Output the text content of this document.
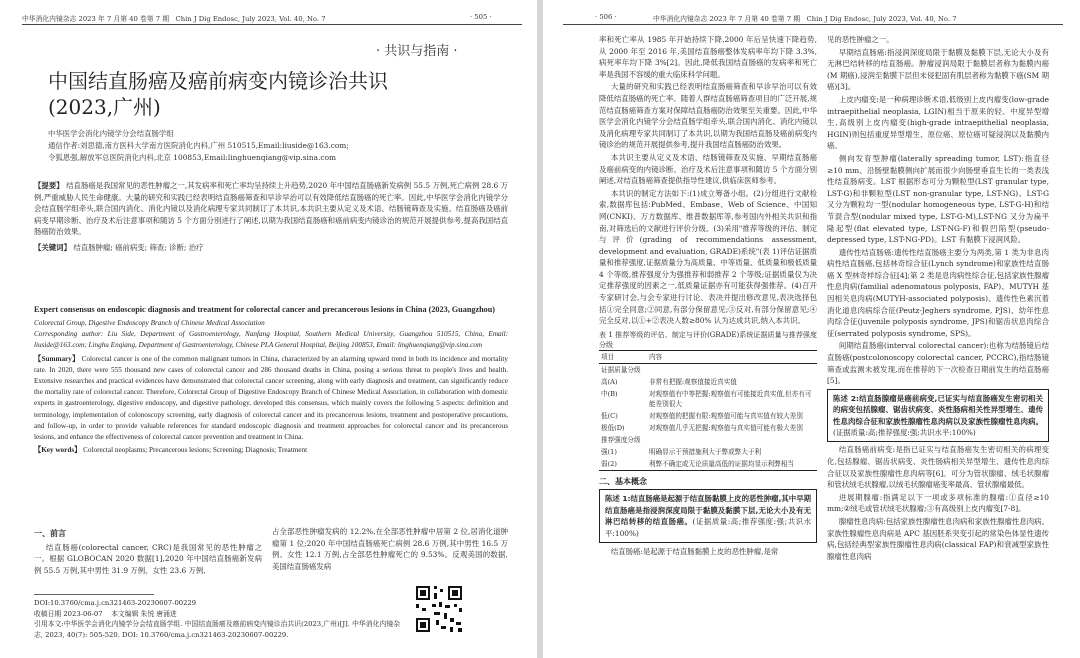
中华消化内镜杂志 2023 年 7 月第 40 卷第 7 期 Chin J Dig Endosc, July 2023, Vol. 40, No. 7	· 505 ·
· 共识与指南 ·
中国结直肠癌及癌前病变内镜诊治共识
(2023,广州)
中华医学会消化内镜学分会结直肠学组
通信作者:刘思德,南方医科大学南方医院消化内科,广州 510515,Email:liuside@163.com;
令狐恩强,解放军总医院消化内科,北京 100853,Email:linghuenqiang@vip.sina.com
【提要】 结直肠癌是我国常见的恶性肿瘤之一,其发病率和死亡率均呈持续上升趋势,2020 年中国结直肠癌新发病例 55.5 万例,死亡病例 28.6 万例,严重威胁人民生命健康。大量的研究和实践已经表明结直肠癌筛查和早诊早治可以有效降低结直肠癌的死亡率。因此,中华医学会消化内镜学分会结直肠学组牵头,联合国内消化、消化内镜以及消化病理专家共同制订了本共识,本共识主要从定义及术语、结肠镜筛查及实施、结直肠癌及癌前病变早期诊断、治疗及术后注意事项和随访 5 个方面分别进行了阐述,以期为我国结直肠癌和癌前病变内镜诊治的规范开展提供参考,提高我国结直肠癌防治效果。
【关键词】 结直肠肿瘤; 癌前病变; 筛查; 诊断; 治疗
Expert consensus on endoscopic diagnosis and treatment for colorectal cancer and precancerous lesions in China (2023, Guangzhou)
Colorectal Group, Digestive Endoscopy Branch of Chinese Medical Association
Corresponding author: Liu Side, Department of Gastroenterology, Nanfang Hospital, Southern Medical University, Guangzhou 510515, China, Email: liuside@163.com; Linghu Enqiang, Department of Gastroenterology, Chinese PLA General Hospital, Beijing 100853, Email: linghuenqiang@vip.sina.com
【Summary】 Colorectal cancer is one of the common malignant tumors in China, characterized by an alarming upward trend in both its incidence and mortality rate. In 2020, there were 555 thousand new cases of colorectal cancer and 286 thousand deaths in China, posing a serious threat to people's lives and health. Extensive researches and practical evidences have demonstrated that colorectal cancer screening, along with early diagnosis and treatment, can significantly reduce the mortality rate of colorectal cancer. Therefore, Colorectal Group of Digestive Endoscopy Branch of Chinese Medical Association, in collaboration with domestic experts in gastroenterology, digestive endoscopy, and digestive pathology, developed this consensus, which mainly covers the following 5 aspects: definition and terminology, implementation of colonoscopy screening, early diagnosis of colorectal cancer and its precancerous lesions, treatment and postoperative precautions, and follow-up, in order to provide valuable references for standard endoscopic diagnosis and treatment approaches for colorectal cancer and its precancerous lesions, and enhance the effectiveness of colorectal cancer prevention and treatment in China.
【Key words】 Colorectal neoplasms; Precancerous lesions; Screening; Diagnosis; Treatment
一、前言

结直肠癌(colorectal cancer, CRC)是我国常见的恶性肿瘤之一。根据 GLOBOCAN 2020 数据[1],2020 年中国结直肠癌新发病例 55.5 万例,其中男性 31.9 万例、女性 23.6 万例,

占全部恶性肿瘤发病的 12.2%,在全部恶性肿瘤中居第 2 位,居消化道肿瘤第 1 位;2020 年中国结直肠癌死亡病例 28.6 万例,其中男性 16.5 万例、女性 12.1 万例,占全部恶性肿瘤死亡的 9.53%。反观美国的数据,美国结直肠癌发病

DOI:10.3760/cma.j.cn321463-20230607-00229
收稿日期 2023-06-07 本文编辑 朱悦 唐涌进
引用本文:中华医学会消化内镜学分会结直肠学组. 中国结直肠癌及癌前病变内镜诊治共识(2023,广州)[J]. 中华消化内镜杂志, 2023, 40(7): 505-520. DOI: 10.3760/cma.j.cn321463-20230607-00229.
· 506 ·	中华消化内镜杂志 2023 年 7 月第 40 卷第 7 期 Chin J Dig Endosc, July 2023, Vol. 40, No. 7

率和死亡率从 1985 年开始持续下降,2000 年后呈快速下降趋势,从 2000 年至 2016 年,美国结直肠癌整体发病率年均下降 3.3%,病死率年均下降 3%[2]。因此,降低我国结直肠癌的发病率和死亡率是我国不容缓的重大临床科学问题。

大量的研究和实践已经表明结直肠癌筛查和早诊早治可以有效降低结直肠癌的死亡率。随着人群结直肠癌筛查项目的广泛开展,规范结直肠癌筛查方案对保障结直肠癌防治效果至关重要。因此,中华医学会消化内镜学分会结直肠学组牵头,联合国内消化、消化内镜以及消化病理专家共同制订了本共识,以期为我国结直肠及癌前病变内镜诊治的规范开展提供参考,提升我国结直肠癌防治效果。

本共识主要从定义及术语、结肠镜筛查及实施、早期结直肠癌及癌前病变的内镜诊断、治疗及术后注意事项和随访 5 个方面分别阐述,对结直肠癌筛查提供指导性建议,供临床医师参考。

本共识的制定方法如下:(1)成立筹备小组。(2)分组进行文献检索,数据库包括:PubMed、Embase、Web of Science、中国知网(CNKI)、万方数据库、维普数据库等,参考国内外相关共识和指南,对筛选后的文献进行评价分级。(3)采用"推荐等级的评估、制定与评价(grading of recommendations assessment, development and evaluation, GRADE)系统"(表 1)评估证据质量和推荐强度,证据质量分为高质量、中等质量、低质量和极低质量 4 个等级,推荐强度分为强推荐和弱推荐 2 个等级;证据质量仅为决定推荐强度的因素之一,低质量证据亦有可能获得强推荐。(4)召开专家研讨会,与会专家进行讨论、表决并提出修改意见,表决选择包括①完全同意;②同意,有部分保留意见;③反对,有部分保留意见;④完全反对,以①+②表决人数≥80% 认为达成共识,纳入本共识。

表 1 推荐等级的评估、制定与评价(GRADE)系统证据质量与推荐强度分级
项目	内容
证据质量分级	
高(A)	非常有把握:观察值接近真实值
中(B)	对观察值有中等把握:观察值有可能接近真实值,但亦有可能差别很大
低(C)	对观察值的把握有限:观察值可能与真实值有较大差别
极低(D)	对观察值几乎无把握:观察值与真实值可能有极大差别
推荐强度分级	
强(1)	明确显示干预措施利大于弊或弊大于利
弱(2)	利弊不确定或无论质量高低的证据均显示利弊相当
二、基本概念
陈述 1:结直肠癌是起源于结直肠黏膜上皮的恶性肿瘤,其中早期结直肠癌是指浸润深度局限于黏膜及黏膜下层,无论大小及有无淋巴结转移的结直肠癌。(证据质量:高;推荐强度:强;共识水平:100%)

结直肠癌:是起源于结直肠黏膜上皮的恶性肿瘤,是常

见的恶性肿瘤之一。

早期结直肠癌:指浸润深度局限于黏膜及黏膜下层,无论大小及有无淋巴结转移的结直肠癌。肿瘤浸润局限于黏膜层者称为黏膜内癌(M 期癌),浸润至黏膜下层但未侵犯固有肌层者称为黏膜下癌(SM 期癌)[3]。

上皮内瘤变:是一种病理诊断术语,低级别上皮内瘤变(low-grade intraepithelial neoplasia, LGIN)相当于原来的轻、中度异型增生,高级别上皮内瘤变(high-grade intraepithelial neoplasia, HGIN)则包括重度异型增生、原位癌、原位癌可疑浸润以及黏膜内癌。

侧向发育型肿瘤(laterally spreading tumor, LST):指直径≥10 mm、沿肠壁黏膜侧向扩展而很少向肠壁垂直生长的一类表浅性结直肠病变。LST 根据形态可分为颗粒型(LST granular type, LST-G)和非颗粒型(LST non-granular type, LST-NG)。LST-G 又分为颗粒均一型(nodular homogeneous type, LST-G-H)和结节混合型(nodular mixed type, LST-G-M),LST-NG 又分为扁平隆起型(flat elevated type, LST-NG-F)和假凹陷型(pseudo-depressed type, LST-NG-PD)。LST 有黏膜下浸润风险。

遗传性结直肠癌:遗传性结直肠癌主要分为两类,第 1 类为非息肉病性结直肠癌,包括林奇综合征(Lynch syndrome)和家族性结直肠癌 X 型林奇样综合征[4];第 2 类是息肉病性综合征,包括家族性腺瘤性息肉病(familial adenomatous polyposis, FAP)、MUTYH 基因相关息肉病(MUTYH-associated polyposis)、遗传性色素沉着消化道息肉病综合征(Peutz-Jeghers syndrome, PJS)、幼年性息肉综合征(juvenile polyposis syndrome, JPS)和锯齿状息肉综合征(serrated polyposis syndrome, SPS)。

间期结直肠癌(interval colorectal cancer):也称为结肠镜后结直肠癌(postcolonoscopy colorectal cancer, PCCRC),指结肠镜筛查或监测未被发现,而在推荐的下一次检查日期前发生的结直肠癌[5]。

陈述 2:结直肠腺瘤是癌前病变,已证实与结直肠癌发生密切相关的病变包括腺瘤、锯齿状病变、炎性肠病相关性异型增生、遗传性息肉综合征和家族性腺瘤性息肉病以及家族性腺瘤性息肉病。(证据质量:高;推荐强度:强;共识水平:100%)

结直肠癌前病变:是指已证实与结直肠癌发生密切相关的病理变化,包括腺瘤、锯齿状病变、炎性肠病相关异型增生、遗传性息肉综合征以及家族性腺瘤性息肉病等[6]。可分为管状腺瘤、绒毛状腺瘤和管状绒毛状腺瘤,以绒毛状腺瘤癌变率最高、管状腺瘤最低。

进展期腺瘤:指满足以下一项或多项标准的腺瘤:①直径≥10 mm;②绒毛或管状绒毛状腺瘤;③有高级别上皮内瘤变[7-8]。

腺瘤性息肉病:包括家族性腺瘤性息肉病和家族性腺瘤性息肉病。家族性腺瘤性息肉病是 APC 基因胚系突变引起的常染色体显性遗传病,包括经典型家族性腺瘤性息肉病(classical FAP)和衰减型家族性腺瘤性息肉病
